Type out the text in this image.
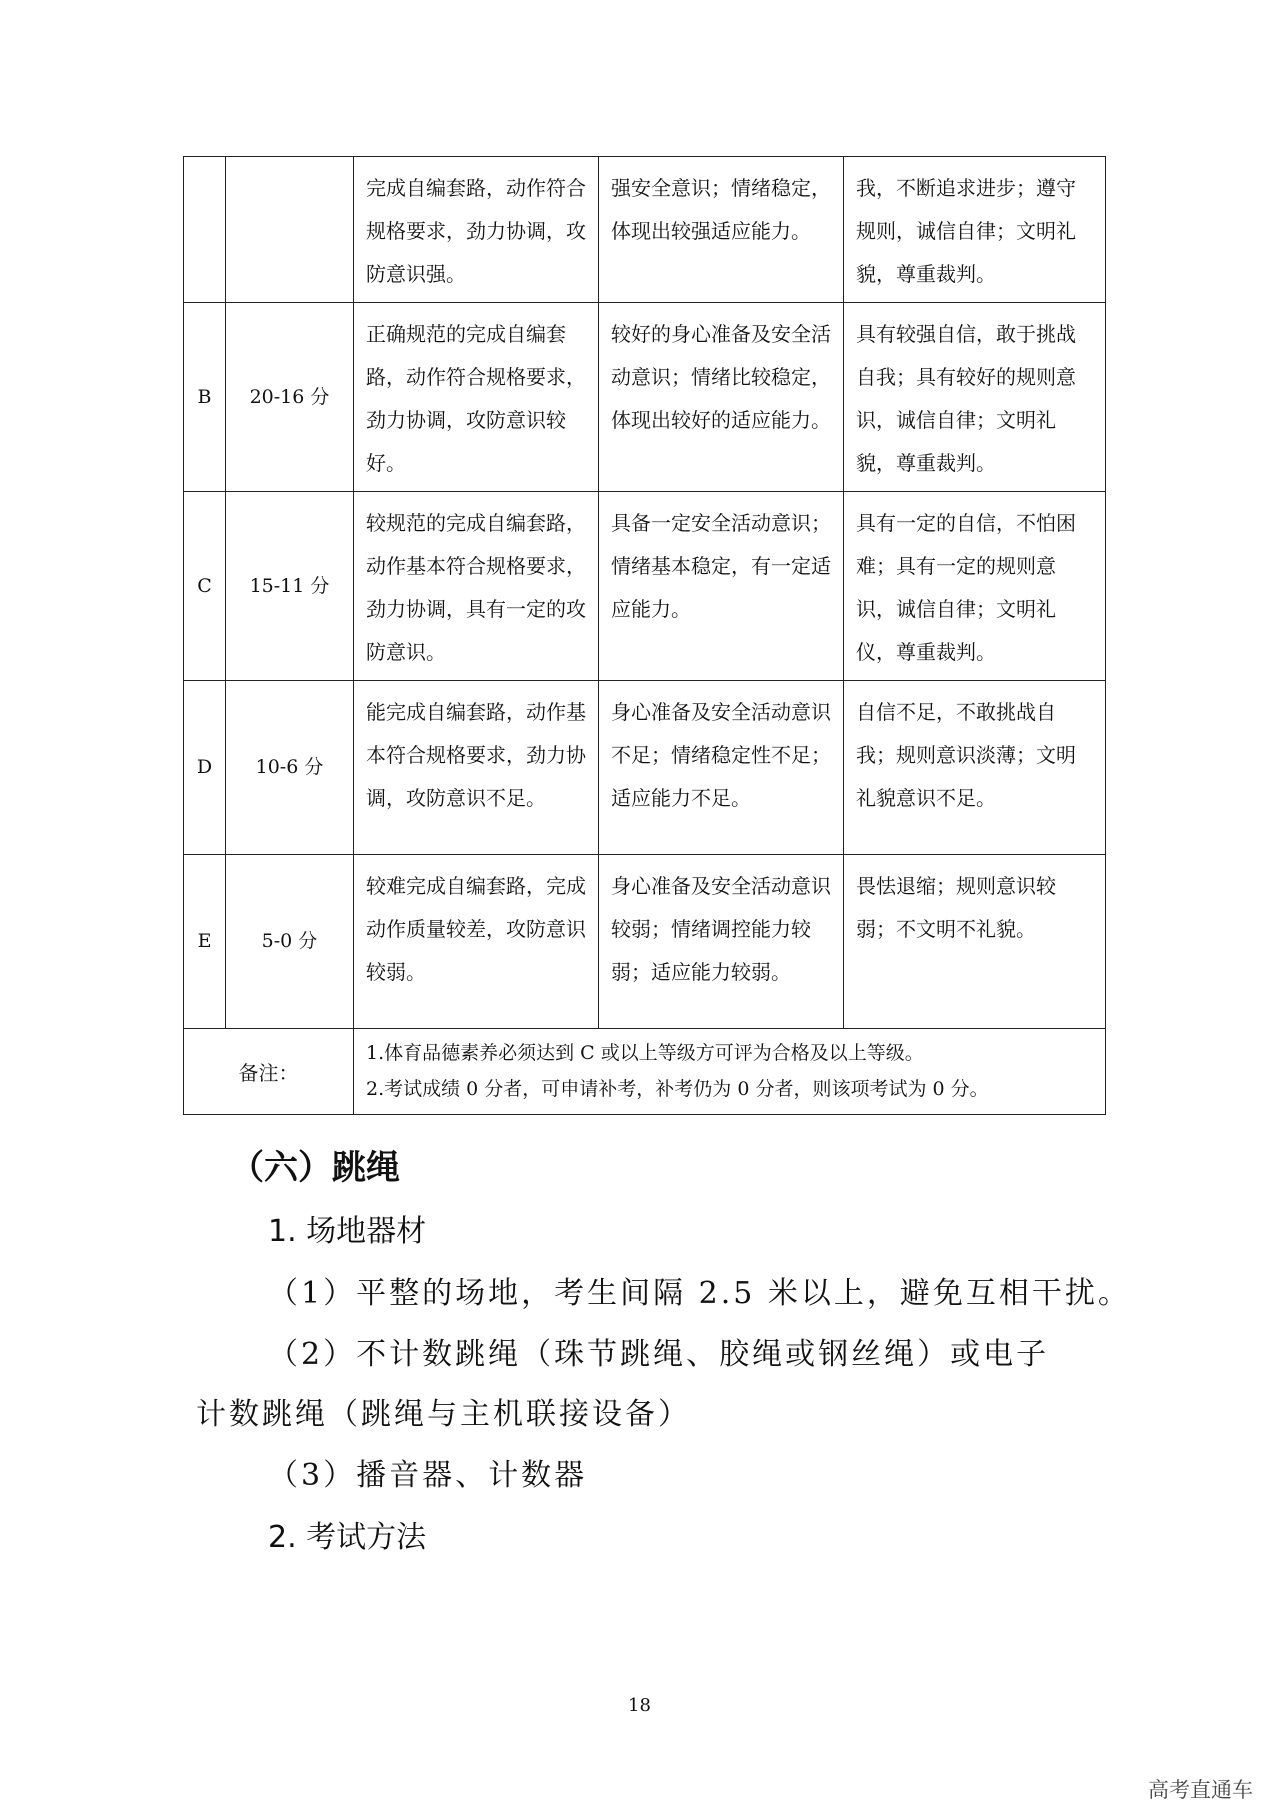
		完成自编套路，动作符合规格要求，劲力协调，攻防意识强。	强安全意识；情绪稳定，体现出较强适应能力。	我，不断追求进步；遵守规则，诚信自律；文明礼貌，尊重裁判。
B	20-16 分	正确规范的完成自编套路，动作符合规格要求，劲力协调，攻防意识较好。	较好的身心准备及安全活动意识；情绪比较稳定，体现出较好的适应能力。	具有较强自信，敢于挑战自我；具有较好的规则意识，诚信自律；文明礼貌，尊重裁判。
C	15-11 分	较规范的完成自编套路，动作基本符合规格要求，劲力协调，具有一定的攻防意识。	具备一定安全活动意识；情绪基本稳定，有一定适应能力。	具有一定的自信，不怕困难；具有一定的规则意识，诚信自律；文明礼仪，尊重裁判。
D	10-6 分	能完成自编套路，动作基本符合规格要求，劲力协调，攻防意识不足。	身心准备及安全活动意识不足；情绪稳定性不足；适应能力不足。	自信不足，不敢挑战自我；规则意识淡薄；文明礼貌意识不足。
E	5-0 分	较难完成自编套路，完成动作质量较差，攻防意识较弱。	身心准备及安全活动意识较弱；情绪调控能力较弱；适应能力较弱。	畏怯退缩；规则意识较弱；不文明不礼貌。
备注：		1.体育品德素养必须达到 C 或以上等级方可评为合格及以上等级。
2.考试成绩 0 分者，可申请补考，补考仍为 0 分者，则该项考试为 0 分。		
（六）跳绳
1. 场地器材
（1）平整的场地，考生间隔 2.5 米以上，避免互相干扰。
（2）不计数跳绳（珠节跳绳、胶绳或钢丝绳）或电子
计数跳绳（跳绳与主机联接设备）
（3）播音器、计数器
2. 考试方法
18
高考直通车
